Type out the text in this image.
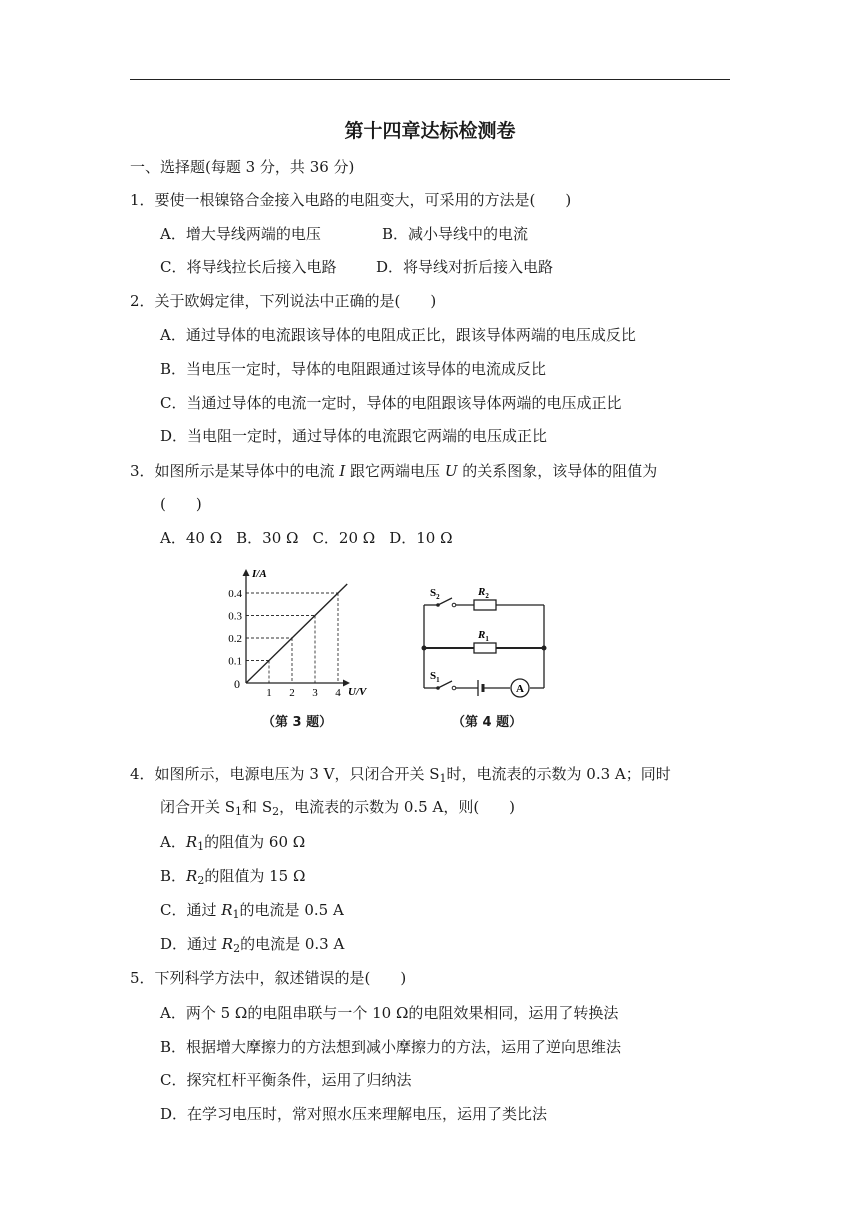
第十四章达标检测卷
一、选择题(每题 3 分，共 36 分)
1．要使一根镍铬合金接入电路的电阻变大，可采用的方法是(　　)
A．增大导线两端的电压	B．减小导线中的电流
C．将导线拉长后接入电路	D．将导线对折后接入电路
2．关于欧姆定律，下列说法中正确的是(　　)
A．通过导体的电流跟该导体的电阻成正比，跟该导体两端的电压成反比
B．当电压一定时，导体的电阻跟通过该导体的电流成反比
C．当通过导体的电流一定时，导体的电阻跟该导体两端的电压成正比
D．当电阻一定时，通过导体的电流跟它两端的电压成正比
3．如图所示是某导体中的电流 I 跟它两端电压 U 的关系图象，该导体的阻值为
(　　)
A．40 Ω B．30 Ω C．20 Ω D．10 Ω
1 2 3 4
0.1
0.2
0.3
0.4
0
I/A
U/V	A
$S_2$	$R_2$
$R_1$
$S_1$
（第 3 题）	（第 4 题）
4．如图所示，电源电压为 3 V，只闭合开关 $S_1$时，电流表的示数为 0.3 A；同时
闭合开关 $S_1$和 $S_2$，电流表的示数为 0.5 A，则(　　)
A．$R_1$的阻值为 60 Ω
B．$R_2$的阻值为 15 Ω
C．通过 $R_1$的电流是 0.5 A
D．通过 $R_2$的电流是 0.3 A
5．下列科学方法中，叙述错误的是(　　)
A．两个 5 Ω的电阻串联与一个 10 Ω的电阻效果相同，运用了转换法
B．根据增大摩擦力的方法想到减小摩擦力的方法，运用了逆向思维法
C．探究杠杆平衡条件，运用了归纳法
D．在学习电压时，常对照水压来理解电压，运用了类比法
